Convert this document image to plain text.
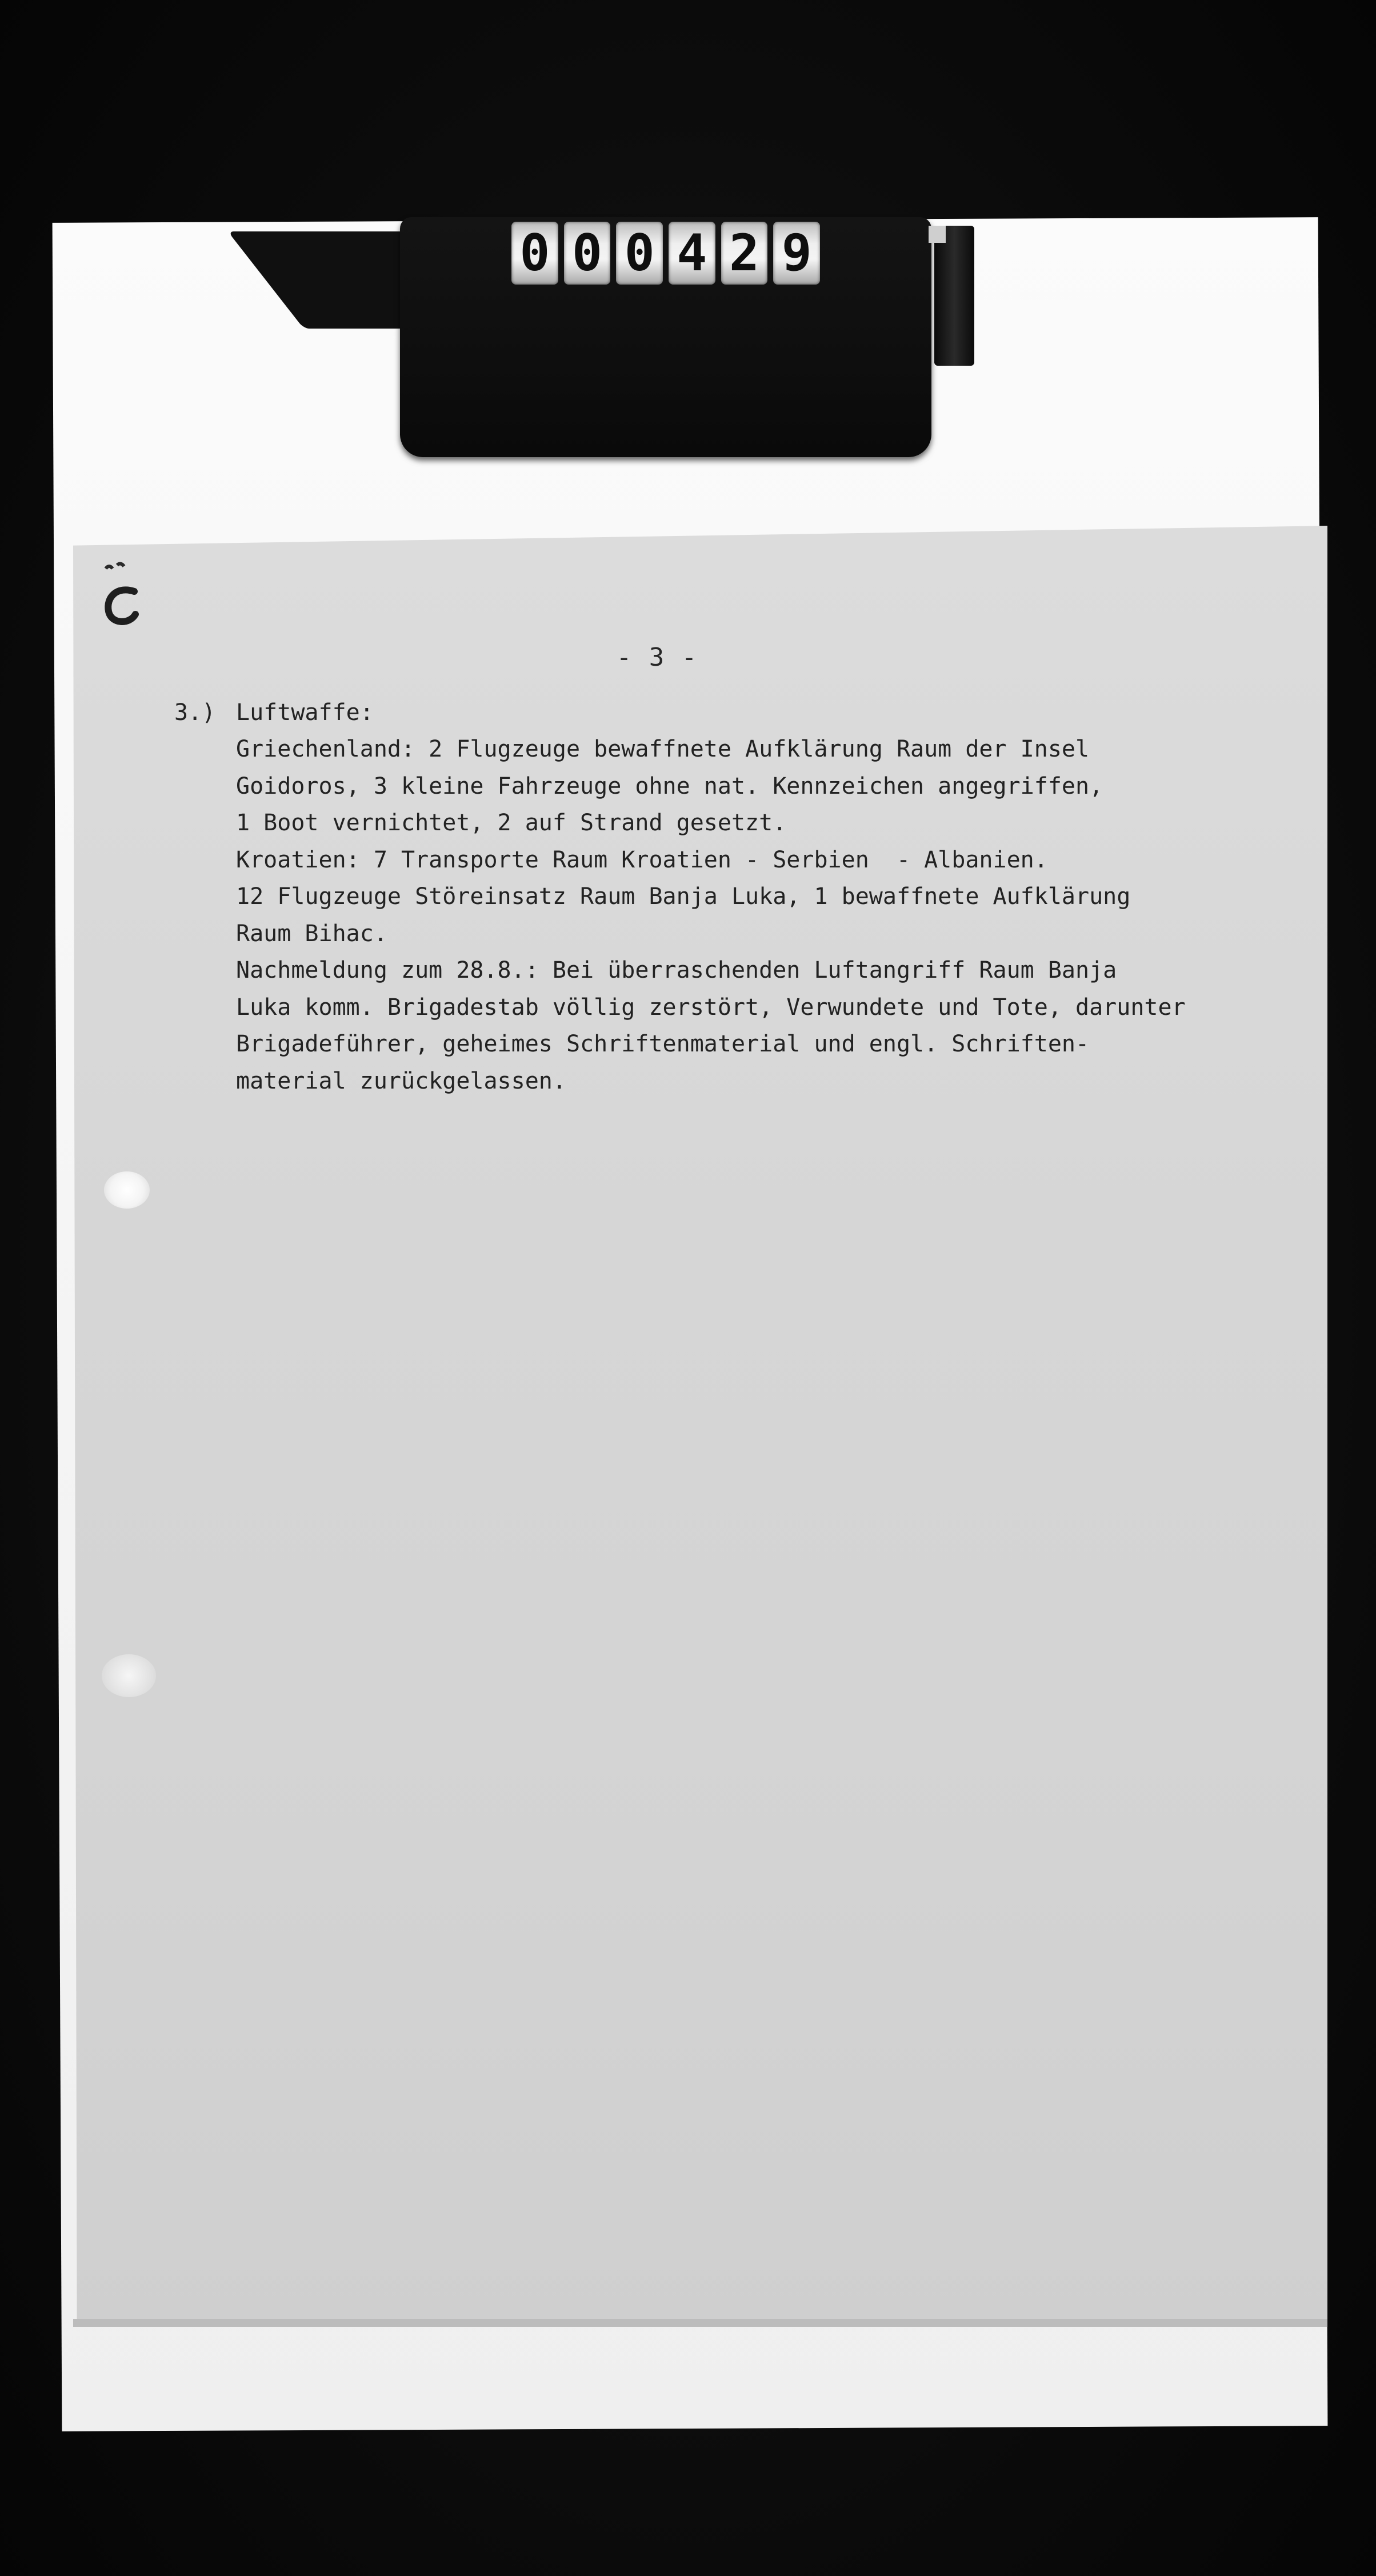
0 0 0 4 2 9
- 3 -
3.) Luftwaffe:
Griechenland: 2 Flugzeuge bewaffnete Aufklärung Raum der Insel
Goidoros, 3 kleine Fahrzeuge ohne nat. Kennzeichen angegriffen,
1 Boot vernichtet, 2 auf Strand gesetzt.
Kroatien: 7 Transporte Raum Kroatien - Serbien  - Albanien.
12 Flugzeuge Störeinsatz Raum Banja Luka, 1 bewaffnete Aufklärung
Raum Bihac.
Nachmeldung zum 28.8.: Bei überraschenden Luftangriff Raum Banja
Luka komm. Brigadestab völlig zerstört, Verwundete und Tote, darunter
Brigadeführer, geheimes Schriftenmaterial und engl. Schriften-
material zurückgelassen.
